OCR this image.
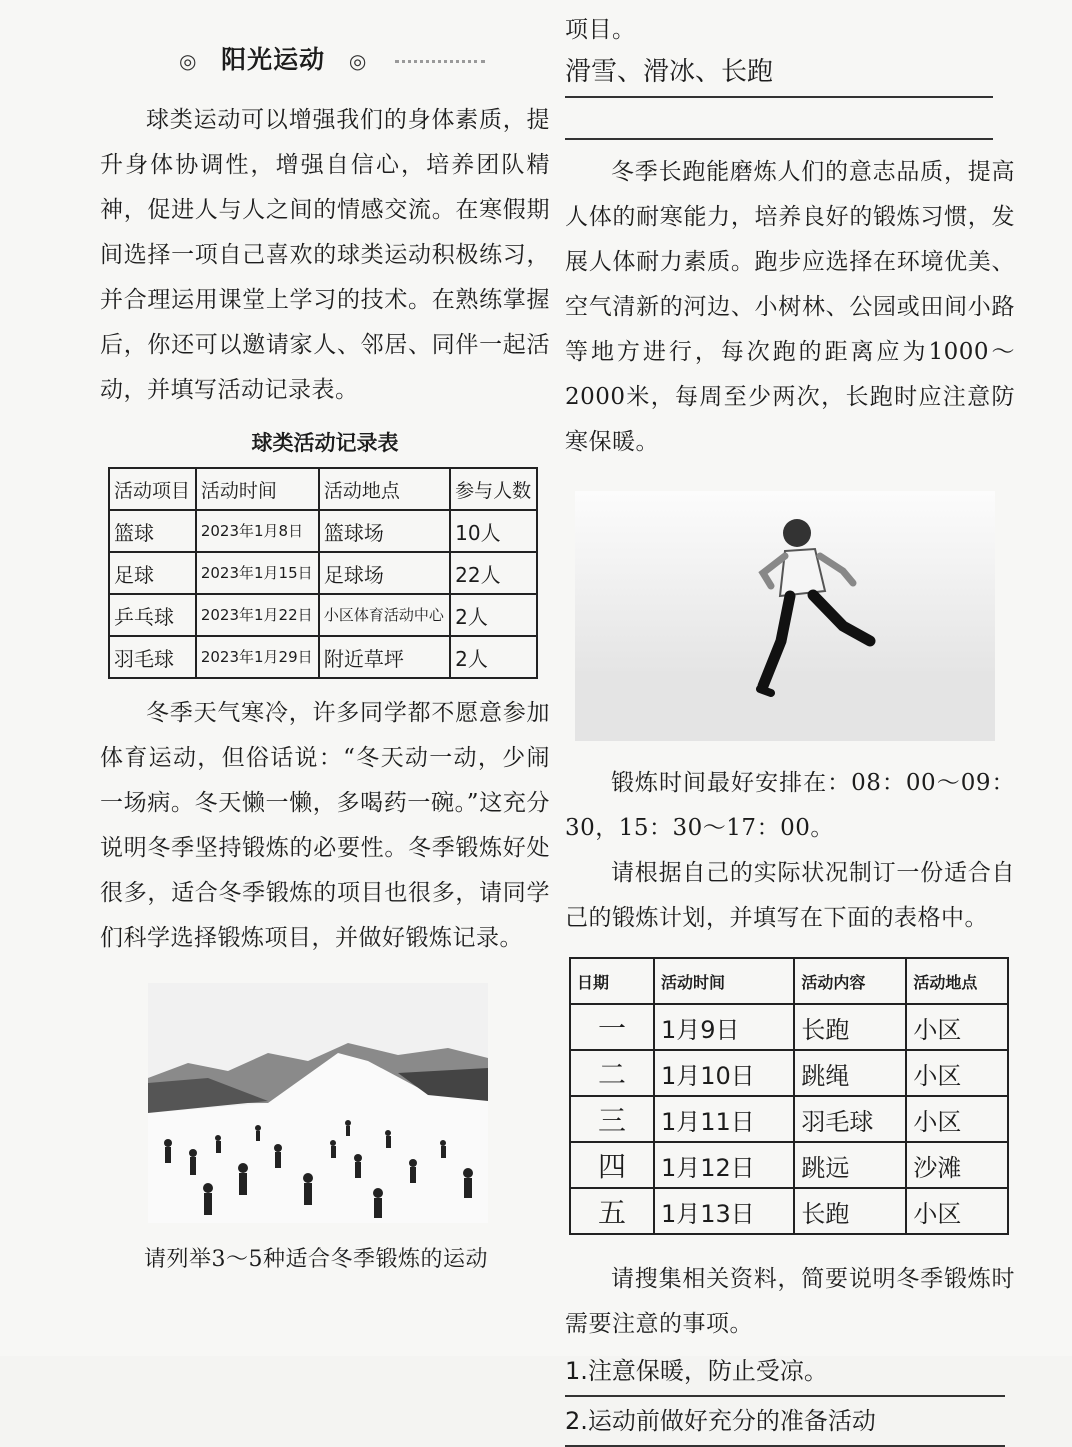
◎ 阳光运动 ◎

球类运动可以增强我们的身体素质，提升身体协调性，增强自信心，培养团队精神，促进人与人之间的情感交流。在寒假期间选择一项自己喜欢的球类运动积极练习，并合理运用课堂上学习的技术。在熟练掌握后，你还可以邀请家人、邻居、同伴一起活动，并填写活动记录表。

球类活动记录表
活动项目	活动时间	活动地点	参与人数
篮球	2023年1月8日	篮球场	10人
足球	2023年1月15日	足球场	22人
乒乓球	2023年1月22日	小区体育活动中心	2人
羽毛球	2023年1月29日	附近草坪	2人

冬季天气寒冷，许多同学都不愿意参加体育运动，但俗话说：“冬天动一动，少闹一场病。冬天懒一懒，多喝药一碗。”这充分说明冬季坚持锻炼的必要性。冬季锻炼好处很多，适合冬季锻炼的项目也很多，请同学们科学选择锻炼项目，并做好锻炼记录。

请列举3～5种适合冬季锻炼的运动

项目。

滑雪、滑冰、长跑

冬季长跑能磨炼人们的意志品质，提高人体的耐寒能力，培养良好的锻炼习惯，发展人体耐力素质。跑步应选择在环境优美、空气清新的河边、小树林、公园或田间小路等地方进行，每次跑的距离应为1000～2000米，每周至少两次，长跑时应注意防寒保暖。

锻炼时间最好安排在：08：00～09：30，15：30～17：00。

请根据自己的实际状况制订一份适合自己的锻炼计划，并填写在下面的表格中。

日期	活动时间	活动内容	活动地点
一	1月9日	长跑	小区
二	1月10日	跳绳	小区
三	1月11日	羽毛球	小区
四	1月12日	跳远	沙滩
五	1月13日	长跑	小区

请搜集相关资料，简要说明冬季锻炼时需要注意的事项。

1.注意保暖，防止受凉。

2.运动前做好充分的准备活动
